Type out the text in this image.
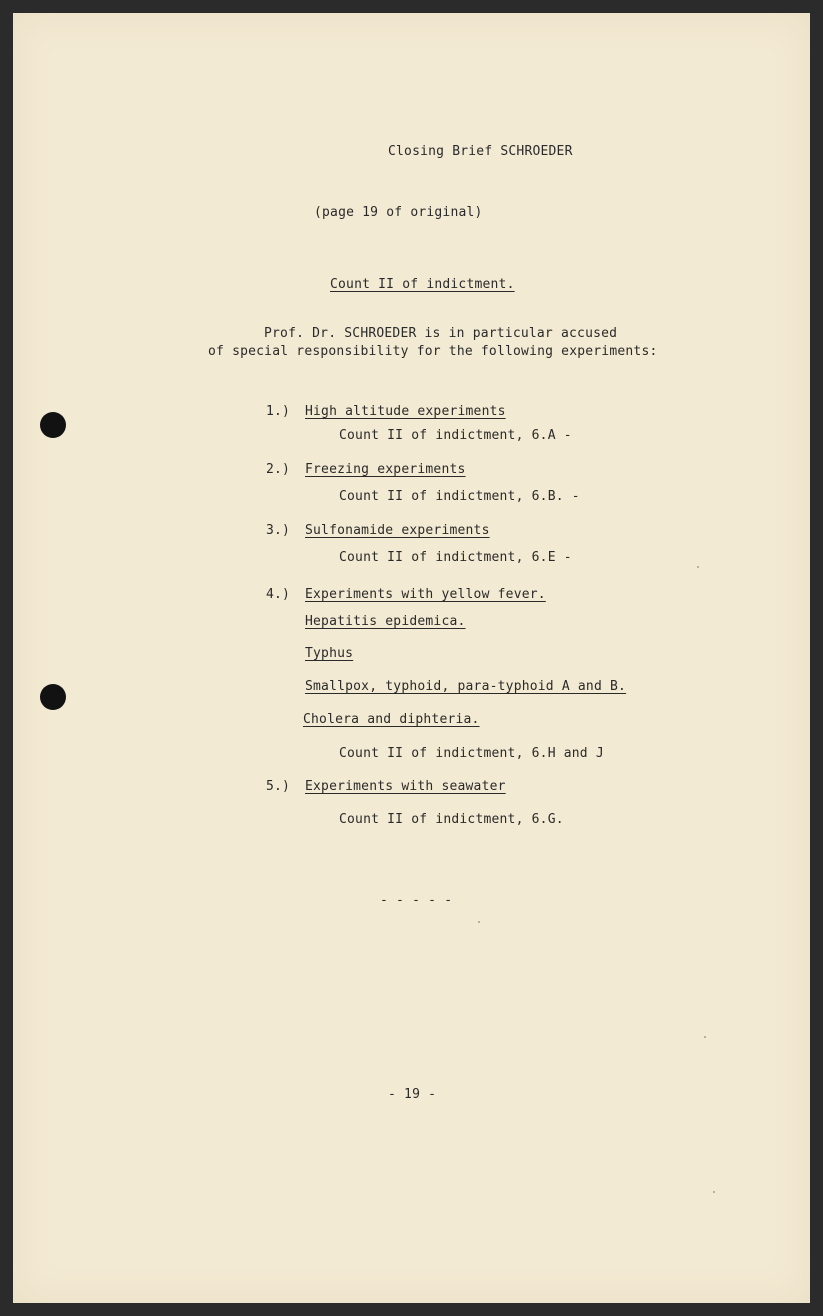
Closing Brief SCHROEDER
(page 19 of original)
Count II of indictment.
Prof. Dr. SCHROEDER is in particular accused
of special responsibility for the following experiments:
1.) High altitude experiments
Count II of indictment, 6.A -
2.) Freezing experiments
Count II of indictment, 6.B. -
3.) Sulfonamide experiments
Count II of indictment, 6.E -
4.) Experiments with yellow fever.
Hepatitis epidemica.
Typhus
Smallpox, typhoid, para-typhoid A and B.
Cholera and diphteria.
Count II of indictment, 6.H and J
5.) Experiments with seawater
Count II of indictment, 6.G.
- - - - -
- 19 -
